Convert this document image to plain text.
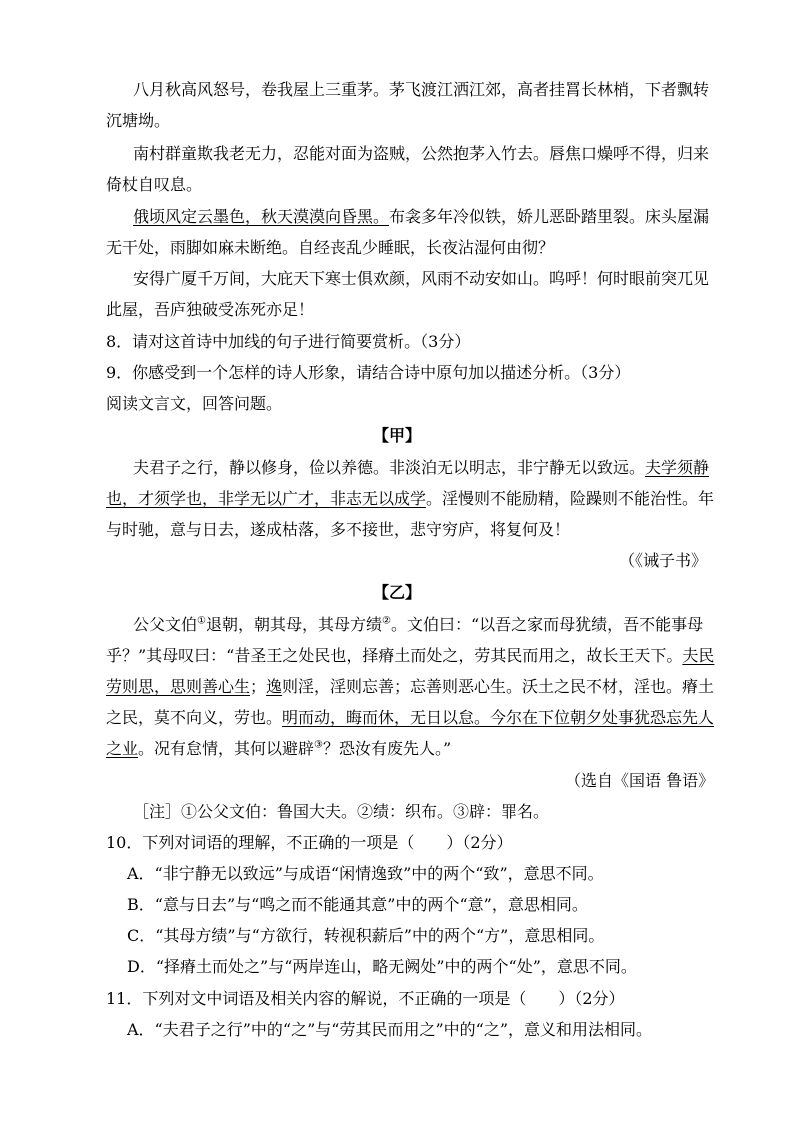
八月秋高风怒号，卷我屋上三重茅。茅飞渡江洒江郊，高者挂罥长林梢，下者飘转
沉塘坳。
南村群童欺我老无力，忍能对面为盗贼，公然抱茅入竹去。唇焦口燥呼不得，归来
倚杖自叹息。
俄顷风定云墨色，秋天漠漠向昏黑。布衾多年冷似铁，娇儿恶卧踏里裂。床头屋漏
无干处，雨脚如麻未断绝。自经丧乱少睡眠，长夜沾湿何由彻？
安得广厦千万间，大庇天下寒士俱欢颜，风雨不动安如山。呜呼！何时眼前突兀见
此屋，吾庐独破受冻死亦足！
8．请对这首诗中加线的句子进行简要赏析。（3分）
9．你感受到一个怎样的诗人形象，请结合诗中原句加以描述分析。（3分）
阅读文言文，回答问题。
【甲】
夫君子之行，静以修身，俭以养德。非淡泊无以明志，非宁静无以致远。夫学须静
也，才须学也，非学无以广才，非志无以成学。淫慢则不能励精，险躁则不能治性。年
与时驰，意与日去，遂成枯落，多不接世，悲守穷庐，将复何及！
（《诫子书》
【乙】
公父文伯①退朝，朝其母，其母方绩②。文伯曰：“以吾之家而母犹绩，吾不能事母
乎？”其母叹曰：“昔圣王之处民也，择瘠土而处之，劳其民而用之，故长王天下。夫民
劳则思，思则善心生；逸则淫，淫则忘善；忘善则恶心生。沃土之民不材，淫也。瘠土
之民，莫不向义，劳也。明而动，晦而休，无日以怠。今尔在下位朝夕处事犹恐忘先人
之业。况有怠情，其何以避辟③？恐汝有废先人。”
（选自《国语 鲁语》
［注］①公父文伯：鲁国大夫。②绩：织布。③辟：罪名。
10．下列对词语的理解，不正确的一项是（　　）（2分）
A．“非宁静无以致远”与成语“闲情逸致”中的两个“致”，意思不同。
B．“意与日去”与“鸣之而不能通其意”中的两个“意”，意思相同。
C．“其母方绩”与“方欲行，转视积薪后”中的两个“方”，意思相同。
D．“择瘠土而处之”与“两岸连山，略无阙处”中的两个“处”，意思不同。
11．下列对文中词语及相关内容的解说，不正确的一项是（　　）（2分）
A．“夫君子之行”中的“之”与“劳其民而用之”中的“之”，意义和用法相同。
